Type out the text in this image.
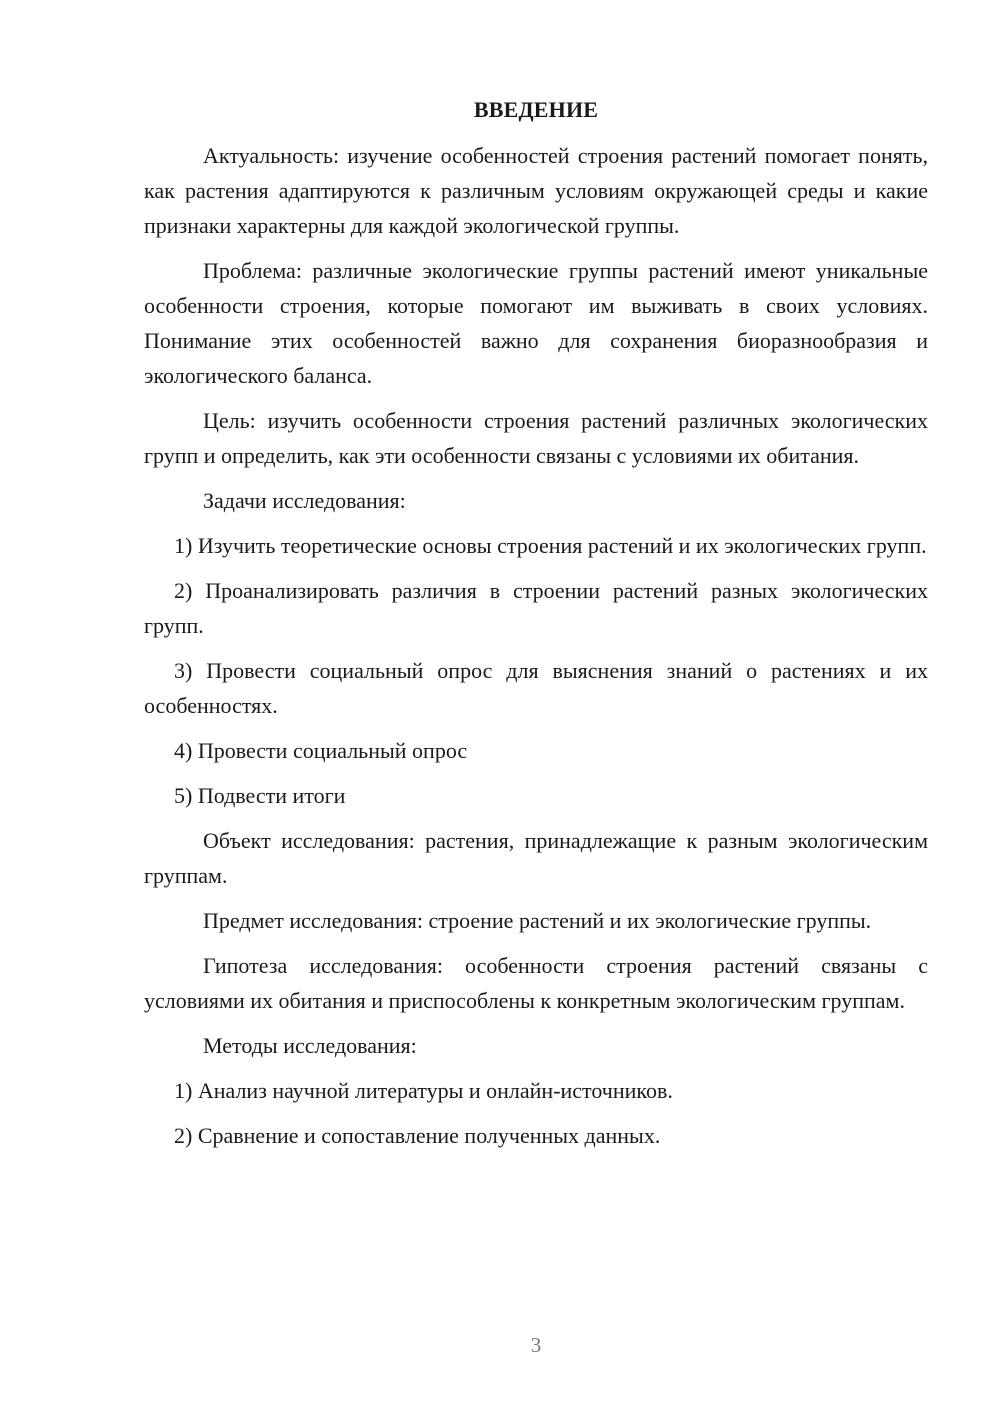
ВВЕДЕНИЕ

Актуальность: изучение особенностей строения растений помогает понять, как растения адаптируются к различным условиям окружающей среды и какие признаки характерны для каждой экологической группы.

Проблема: различные экологические группы растений имеют уникальные особенности строения, которые помогают им выживать в своих условиях. Понимание этих особенностей важно для сохранения биоразнообразия и экологического баланса.

Цель: изучить особенности строения растений различных экологических групп и определить, как эти особенности связаны с условиями их обитания.

Задачи исследования:

1) Изучить теоретические основы строения растений и их экологических групп.

2) Проанализировать различия в строении растений разных экологических групп.

3) Провести социальный опрос для выяснения знаний о растениях и их особенностях.

4) Провести социальный опрос

5) Подвести итоги

Объект исследования: растения, принадлежащие к разным экологическим группам.

Предмет исследования: строение растений и их экологические группы.

Гипотеза исследования: особенности строения растений связаны с условиями их обитания и приспособлены к конкретным экологическим группам.

Методы исследования:

1) Анализ научной литературы и онлайн-источников.

2) Сравнение и сопоставление полученных данных.

3
